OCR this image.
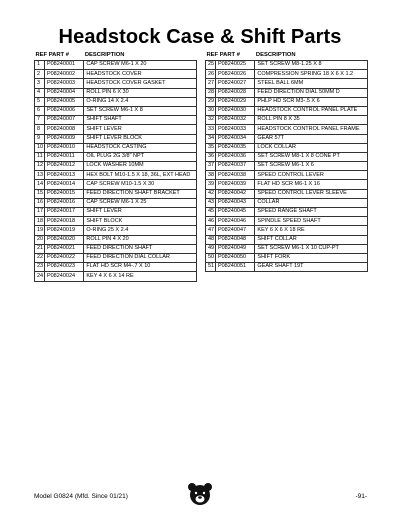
Headstock Case & Shift Parts
REF PART #		DESCRIPTION
1	P08240001	CAP SCREW M6-1 X 20
2	P08240002	HEADSTOCK COVER
3	P08240003	HEADSTOCK COVER GASKET
4	P08240004	ROLL PIN 6 X 30
5	P08240005	O-RING 14 X 2.4
6	P08240006	SET SCREW M6-1 X 8
7	P08240007	SHIFT SHAFT
8	P08240008	SHIFT LEVER
9	P08240009	SHIFT LEVER BLOCK
10	P08240010	HEADSTOCK CASTING
11	P08240011	OIL PLUG 2G 3/8" NPT
12	P08240012	LOCK WASHER 10MM
13	P08240013	HEX BOLT M10-1.5 X 18, 36L, EXT HEAD
14	P08240014	CAP SCREW M10-1.5 X 30
15	P08240015	FEED DIRECTION SHAFT BRACKET
16	P08240016	CAP SCREW M6-1 X 25
17	P08240017	SHIFT LEVER
18	P08240018	SHIFT BLOCK
19	P08240019	O-RING 25 X 2.4
20	P08240020	ROLL PIN 4 X 20
21	P08240021	FEED DIRECTION SHAFT
22	P08240022	FEED DIRECTION DIAL COLLAR
23	P08240023	FLAT HD SCR M4-.7 X 10
24	P08240024	KEY 4 X 6 X 14 RE
REF PART #		DESCRIPTION
25	P08240025	SET SCREW M8-1.25 X 8
26	P08240026	COMPRESSION SPRING 18 X 6 X 1.2
27	P08240027	STEEL BALL 6MM
28	P08240028	FEED DIRECTION DIAL 50MM D
29	P08240029	PHLP HD SCR M3-.5 X 6
30	P08240030	HEADSTOCK CONTROL PANEL PLATE
32	P08240032	ROLL PIN 8 X 35
33	P08240033	HEADSTOCK CONTROL PANEL FRAME
34	P08240034	GEAR 57T
35	P08240035	LOCK COLLAR
36	P08240036	SET SCREW M8-1 X 8 CONE PT
37	P08240037	SET SCREW M6-1 X 6
38	P08240038	SPEED CONTROL LEVER
39	P08240039	FLAT HD SCR M6-1 X 16
42	P08240042	SPEED CONTROL LEVER SLEEVE
43	P08240043	COLLAR
45	P08240045	SPEED RANGE SHAFT
46	P08240046	SPINDLE SPEED SHAFT
47	P08240047	KEY 6 X 6 X 18 RE
48	P08240048	SHIFT COLLAR
49	P08240049	SET SCREW M6-1 X 10 CUP-PT
50	P08240050	SHIFT FORK
51	P08240051	GEAR SHAFT 19T
Model G0824 (Mfd. Since 01/21)	-91-
